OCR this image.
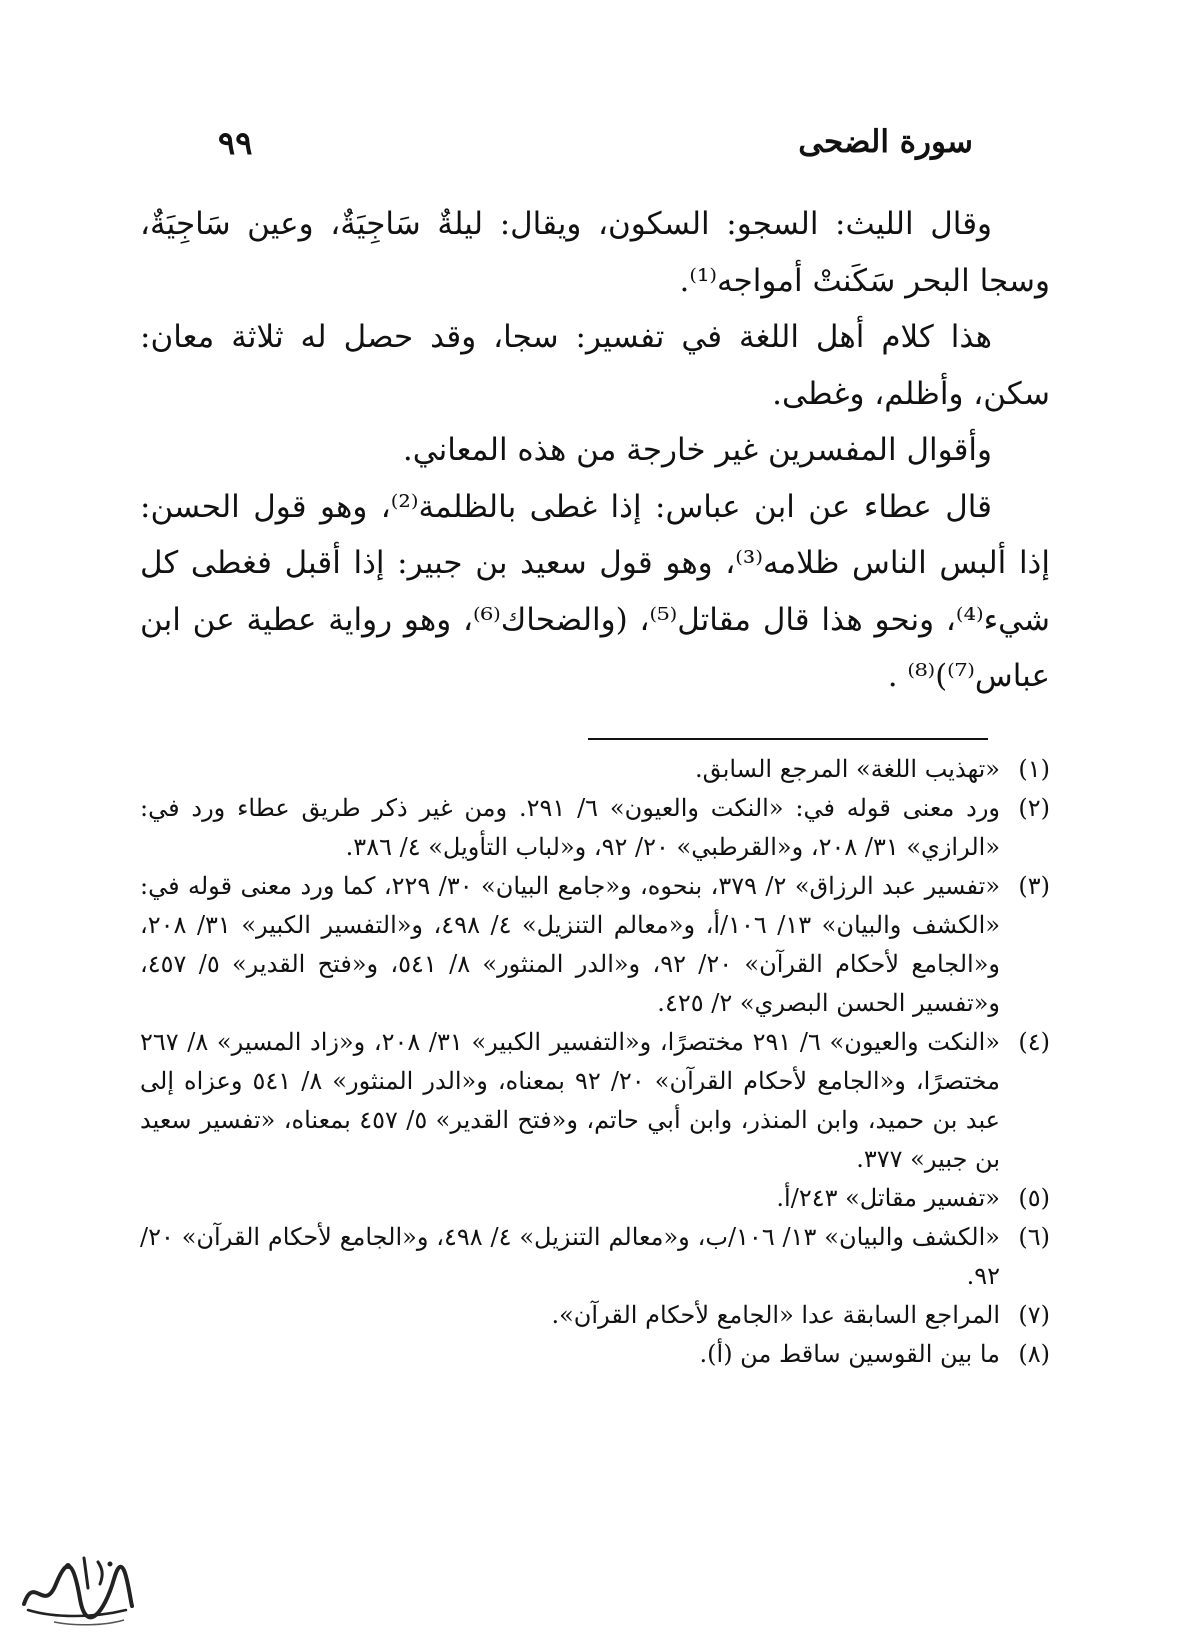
سورة الضحى
٩٩

وقال الليث: السجو: السكون، ويقال: ليلةٌ سَاجِيَةٌ، وعين سَاجِيَةٌ، وسجا البحر سَكَنتْ أمواجه⁽¹⁾.

هذا كلام أهل اللغة في تفسير: سجا، وقد حصل له ثلاثة معان: سكن، وأظلم، وغطى.

وأقوال المفسرين غير خارجة من هذه المعاني.

قال عطاء عن ابن عباس: إذا غطى بالظلمة⁽²⁾، وهو قول الحسن: إذا ألبس الناس ظلامه⁽³⁾، وهو قول سعيد بن جبير: إذا أقبل فغطى كل شيء⁽⁴⁾، ونحو هذا قال مقاتل⁽⁵⁾، (والضحاك⁽⁶⁾، وهو رواية عطية عن ابن عباس⁽⁷⁾)⁽⁸⁾ .

(١)
«تهذيب اللغة» المرجع السابق.
(٢)
ورد معنى قوله في: «النكت والعيون» ٦/ ٢٩١. ومن غير ذكر طريق عطاء ورد في: «الرازي» ٣١/ ٢٠٨، و«القرطبي» ٢٠/ ٩٢، و«لباب التأويل» ٤/ ٣٨٦.
(٣)
«تفسير عبد الرزاق» ٢/ ٣٧٩، بنحوه، و«جامع البيان» ٣٠/ ٢٢٩، كما ورد معنى قوله في: «الكشف والبيان» ١٣/ ١٠٦/أ، و«معالم التنزيل» ٤/ ٤٩٨، و«التفسير الكبير» ٣١/ ٢٠٨، و«الجامع لأحكام القرآن» ٢٠/ ٩٢، و«الدر المنثور» ٨/ ٥٤١، و«فتح القدير» ٥/ ٤٥٧، و«تفسير الحسن البصري» ٢/ ٤٢٥.
(٤)
«النكت والعيون» ٦/ ٢٩١ مختصرًا، و«التفسير الكبير» ٣١/ ٢٠٨، و«زاد المسير» ٨/ ٢٦٧ مختصرًا، و«الجامع لأحكام القرآن» ٢٠/ ٩٢ بمعناه، و«الدر المنثور» ٨/ ٥٤١ وعزاه إلى عبد بن حميد، وابن المنذر، وابن أبي حاتم، و«فتح القدير» ٥/ ٤٥٧ بمعناه، «تفسير سعيد بن جبير» ٣٧٧.
(٥)
«تفسير مقاتل» ٢٤٣/أ.
(٦)
«الكشف والبيان» ١٣/ ١٠٦/ب، و«معالم التنزيل» ٤/ ٤٩٨، و«الجامع لأحكام القرآن» ٢٠/ ٩٢.
(٧)
المراجع السابقة عدا «الجامع لأحكام القرآن».
(٨)
ما بين القوسين ساقط من (أ).
